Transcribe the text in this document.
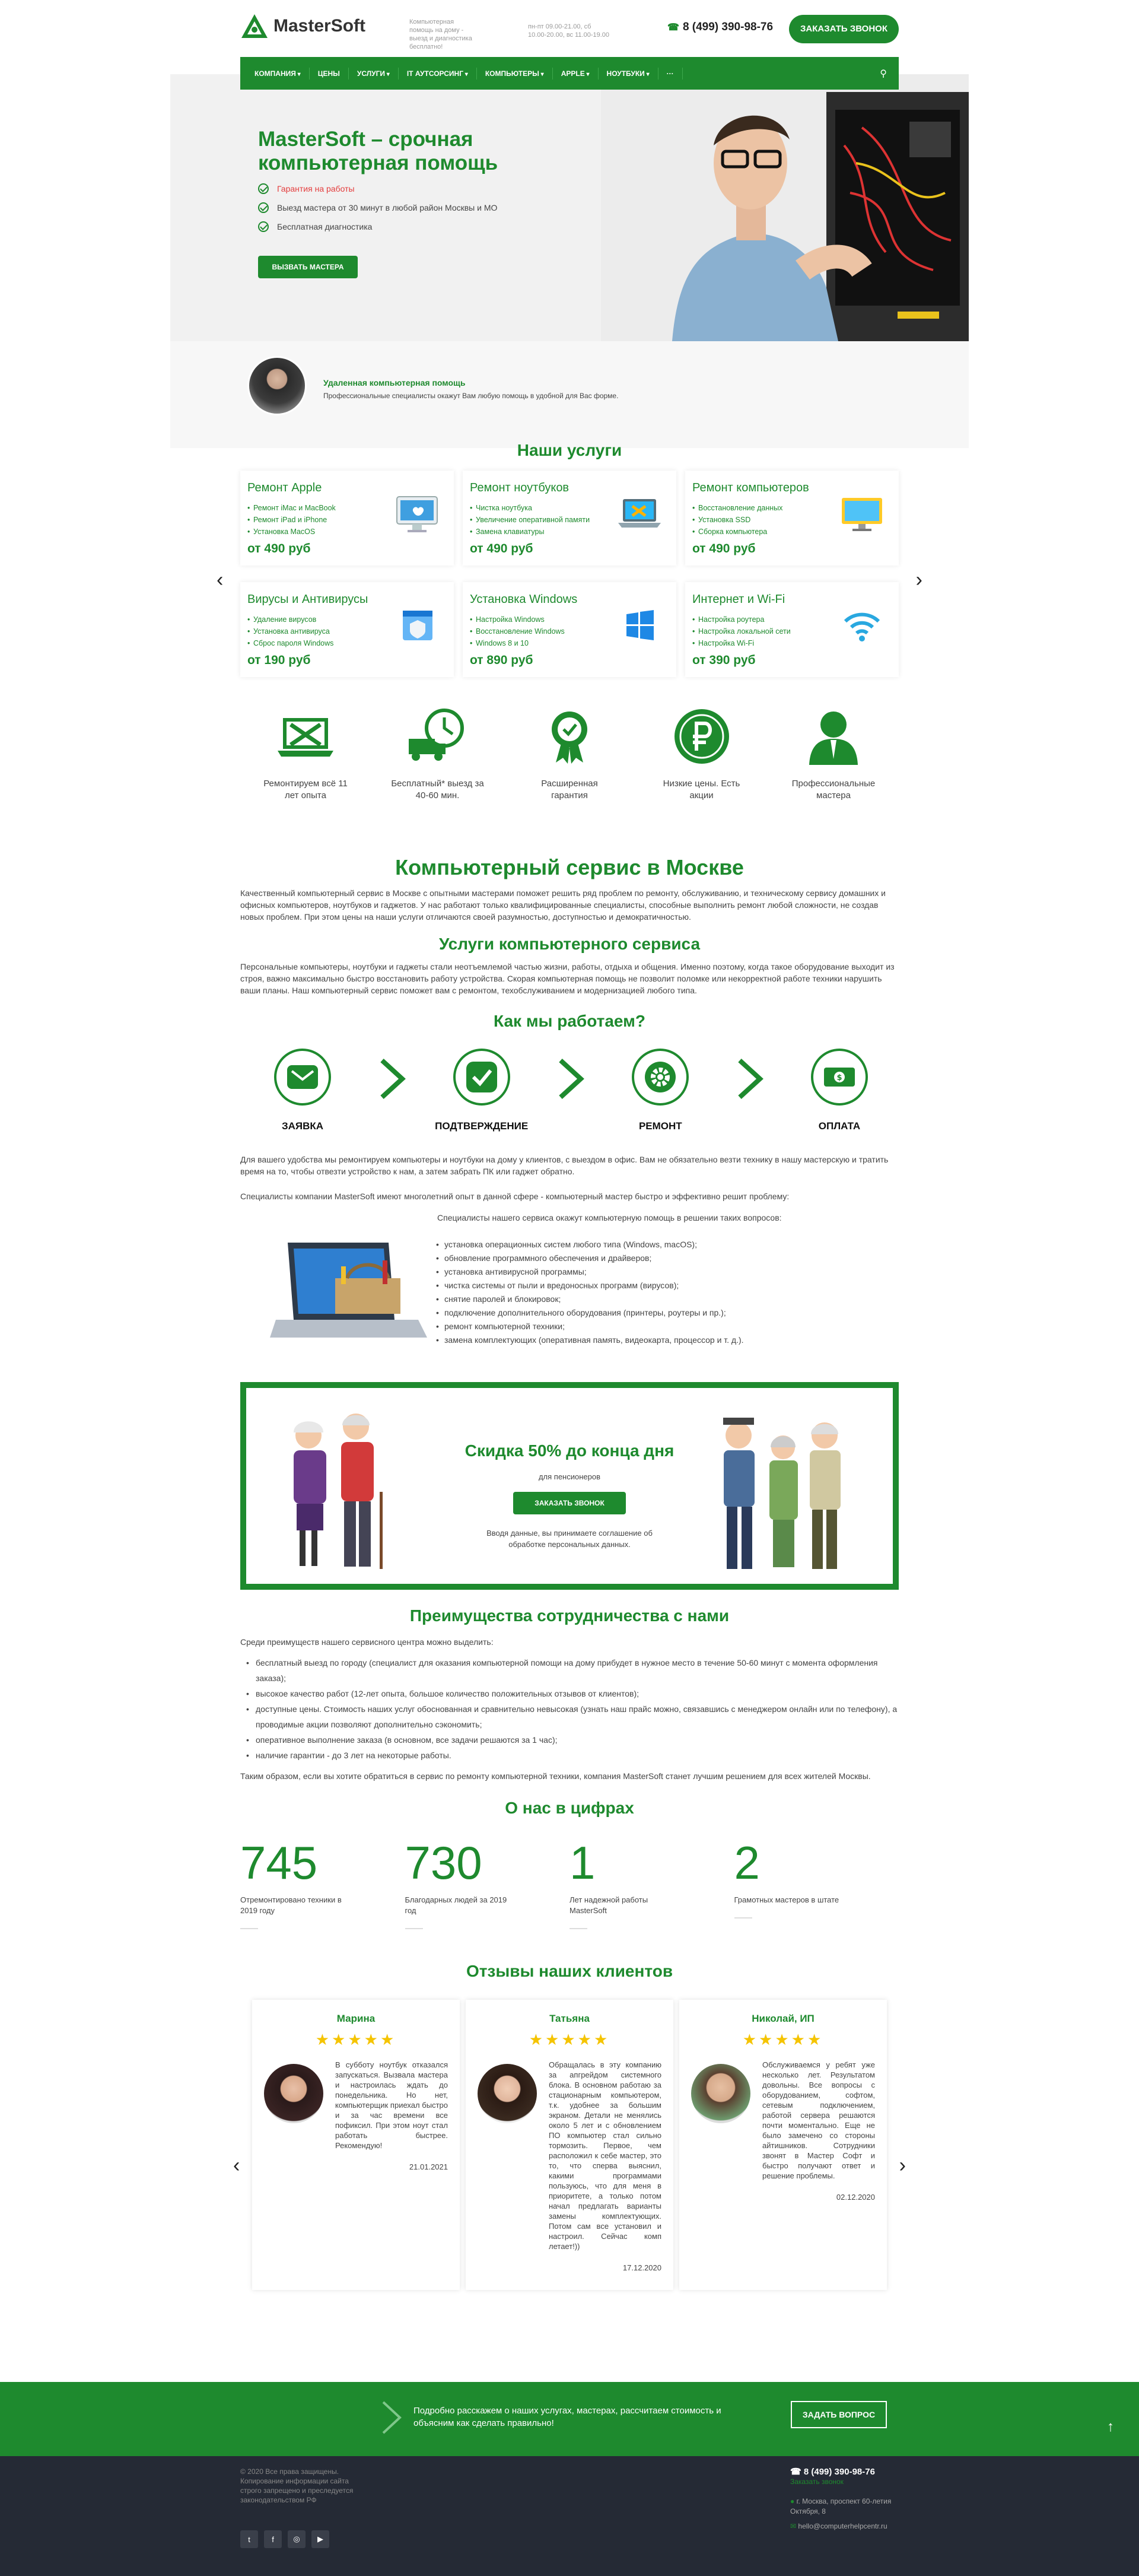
MasterSoft	Компьютерная помощь на дому - выезд и диагностика бесплатно!
пн-пт 09.00-21.00, сб 10.00-20.00, вс 11.00-19.00
☎ 8 (499) 390-98-76	ЗАКАЗАТЬ ЗВОНОК
КОМПАНИЯ ▾	ЦЕНЫ	УСЛУГИ ▾	IT АУТСОРСИНГ ▾	КОМПЬЮТЕРЫ ▾	APPLE ▾	НОУТБУКИ ▾	···	⚲
MasterSoft – срочная компьютерная помощь
Гарантия на работы
Выезд мастера от 30 минут в любой район Москвы и МО
Бесплатная диагностика
ВЫЗВАТЬ МАСТЕРА
Удаленная компьютерная помощь
Профессиональные специалисты окажут Вам любую помощь в удобной для Вас форме.
Наши услуги
Ремонт Apple
• Ремонт iMac и MacBook
• Ремонт iPad и iPhone
• Установка MacOS
от 490 руб
Ремонт ноутбуков
• Чистка ноутбука
• Увеличение оперативной памяти
• Замена клавиатуры
от 490 руб
Ремонт компьютеров
• Восстановление данных
• Установка SSD
• Сборка компьютера
от 490 руб
Вирусы и Антивирусы
• Удаление вирусов
• Установка антивируса
• Сброс пароля Windows
от 190 руб
Установка Windows
• Настройка Windows
• Восстановление Windows
• Windows 8 и 10
от 890 руб
Интернет и Wi-Fi
• Настройка роутера
• Настройка локальной сети
• Настройка Wi-Fi
от 390 руб
‹	›
Ремонтируем всё 11 лет опыта
Бесплатный* выезд за 40-60 мин.
Расширенная гарантия
Низкие цены. Есть акции
Профессиональные мастера
Компьютерный сервис в Москве

Качественный компьютерный сервис в Москве с опытными мастерами поможет решить ряд проблем по ремонту, обслуживанию, и техническому сервису домашних и офисных компьютеров, ноутбуков и гаджетов. У нас работают только квалифицированные специалисты, способные выполнить ремонт любой сложности, не создав новых проблем. При этом цены на наши услуги отличаются своей разумностью, доступностью и демократичностью.

Услуги компьютерного сервиса

Персональные компьютеры, ноутбуки и гаджеты стали неотъемлемой частью жизни, работы, отдыха и общения. Именно поэтому, когда такое оборудование выходит из строя, важно максимально быстро восстановить работу устройства. Скорая компьютерная помощь не позволит поломке или некорректной работе техники нарушить ваши планы. Наш компьютерный сервис поможет вам с ремонтом, техобслуживанием и модернизацией любого типа.

Как мы работаем?
ЗАЯВКА	ПОДТВЕРЖДЕНИЕ	РЕМОНТ
$
ОПЛАТА

Для вашего удобства мы ремонтируем компьютеры и ноутбуки на дому у клиентов, с выездом в офис. Вам не обязательно везти технику в нашу мастерскую и тратить время на то, чтобы отвезти устройство к нам, а затем забрать ПК или гаджет обратно.

Специалисты компании MasterSoft имеют многолетний опыт в данной сфере - компьютерный мастер быстро и эффективно решит проблему:

Специалисты нашего сервиса окажут компьютерную помощь в решении таких вопросов:
• установка операционных систем любого типа (Windows, macOS);
• обновление программного обеспечения и драйверов;
• установка антивирусной программы;
• чистка системы от пыли и вредоносных программ (вирусов);
• снятие паролей и блокировок;
• подключение дополнительного оборудования (принтеры, роутеры и пр.);
• ремонт компьютерной техники;
• замена комплектующих (оперативная память, видеокарта, процессор и т. д.).
Скидка 50% до конца дня
для пенсионеров
ЗАКАЗАТЬ ЗВОНОК
Вводя данные, вы принимаете соглашение об обработке персональных данных.
Преимущества сотрудничества с нами

Среди преимуществ нашего сервисного центра можно выделить:

• бесплатный выезд по городу (специалист для оказания компьютерной помощи на дому прибудет в нужное место в течение 50-60 минут с момента оформления заказа);
• высокое качество работ (12-лет опыта, большое количество положительных отзывов от клиентов);
• доступные цены. Стоимость наших услуг обоснованная и сравнительно невысокая (узнать наш прайс можно, связавшись с менеджером онлайн или по телефону), а проводимые акции позволяют дополнительно сэкономить;
• оперативное выполнение заказа (в основном, все задачи решаются за 1 час);
• наличие гарантии - до 3 лет на некоторые работы.

Таким образом, если вы хотите обратиться в сервис по ремонту компьютерной техники, компания MasterSoft станет лучшим решением для всех жителей Москвы.

О нас в цифрах
745
Отремонтировано техники в 2019 году
730
Благодарных людей за 2019 год
1
Лет надежной работы MasterSoft
2
Грамотных мастеров в штате
Отзывы наших клиентов
‹
Марина
★★★★★
В субботу ноутбук отказался запускаться. Вызвала мастера и настроилась ждать до понедельника. Но нет, компьютерщик приехал быстро и за час времени все пофиксил. При этом ноут стал работать быстрее. Рекомендую!
21.01.2021
Татьяна
★★★★★
Обращалась в эту компанию за апгрейдом системного блока. В основном работаю за стационарным компьютером, т.к. удобнее за большим экраном. Детали не менялись около 5 лет и с обновлением ПО компьютер стал сильно тормозить. Первое, чем расположил к себе мастер, это то, что сперва выяснил, какими программами пользуюсь, что для меня в приоритете, а только потом начал предлагать варианты замены комплектующих. Потом сам все установил и настроил. Сейчас комп летает!))
17.12.2020
Николай, ИП
★★★★★
Обслуживаемся у ребят уже несколько лет. Результатом довольны. Все вопросы с оборудованием, софтом, сетевым подключением, работой сервера решаются почти моментально. Еще не было замечено со стороны айтишников. Сотрудники звонят в Мастер Софт и быстро получают ответ и решение проблемы.
02.12.2020
›
Подробно расскажем о наших услугах, мастерах, рассчитаем стоимость и объясним как сделать правильно!
ЗАДАТЬ ВОПРОС
↑
© 2020 Все права защищены. Копирование информации сайта строго запрещено и преследуется законодательством РФ
t	f	◎	▶
☎ 8 (499) 390-98-76
Заказать звонок
● г. Москва, проспект 60-летия Октября, 8
✉ hello@computerhelpcentr.ru
